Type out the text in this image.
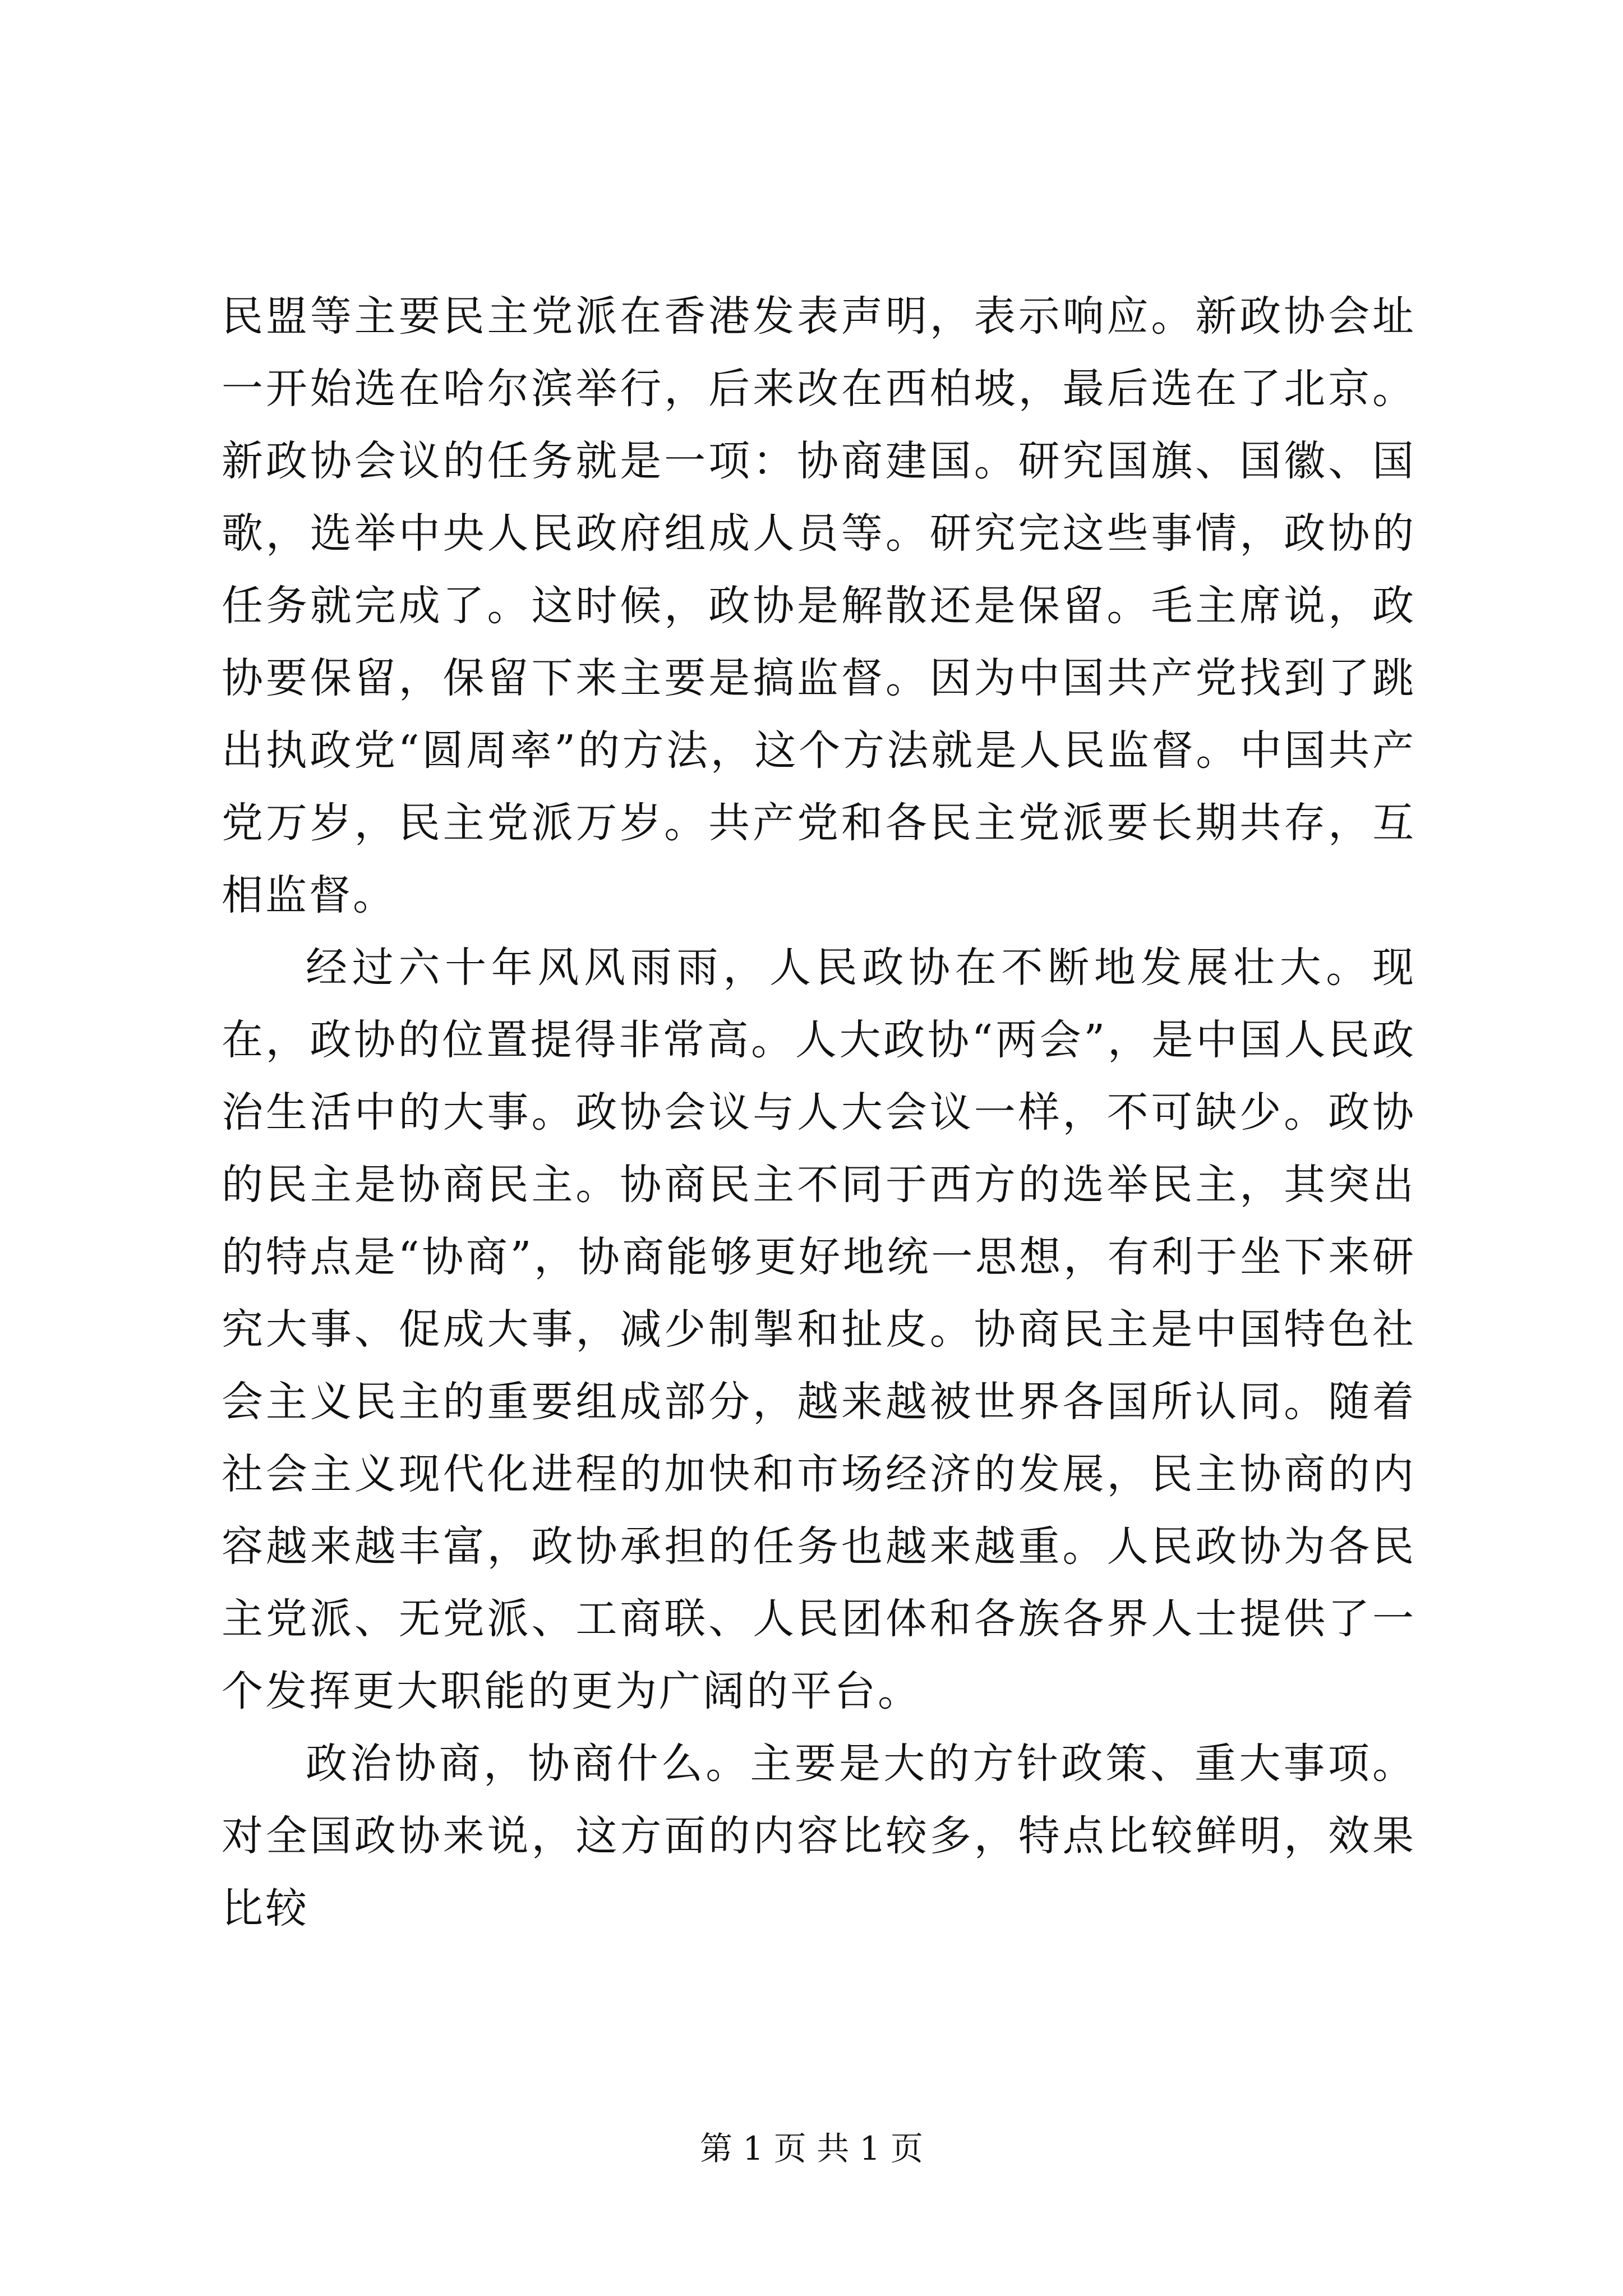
民盟等主要民主党派在香港发表声明，表示响应。新政协会址一开始选在哈尔滨举行，后来改在西柏坡，最后选在了北京。新政协会议的任务就是一项：协商建国。研究国旗、国徽、国歌，选举中央人民政府组成人员等。研究完这些事情，政协的任务就完成了。这时候，政协是解散还是保留。毛主席说，政协要保留，保留下来主要是搞监督。因为中国共产党找到了跳出执政党“圆周率”的方法，这个方法就是人民监督。中国共产党万岁，民主党派万岁。共产党和各民主党派要长期共存，互相监督。

经过六十年风风雨雨，人民政协在不断地发展壮大。现在，政协的位置提得非常高。人大政协“两会”，是中国人民政治生活中的大事。政协会议与人大会议一样，不可缺少。政协的民主是协商民主。协商民主不同于西方的选举民主，其突出的特点是“协商”，协商能够更好地统一思想，有利于坐下来研究大事、促成大事，减少制掣和扯皮。协商民主是中国特色社会主义民主的重要组成部分，越来越被世界各国所认同。随着社会主义现代化进程的加快和市场经济的发展，民主协商的内容越来越丰富，政协承担的任务也越来越重。人民政协为各民主党派、无党派、工商联、人民团体和各族各界人士提供了一个发挥更大职能的更为广阔的平台。

政治协商，协商什么。主要是大的方针政策、重大事项。对全国政协来说，这方面的内容比较多，特点比较鲜明，效果比较

第 1 页 共 1 页
